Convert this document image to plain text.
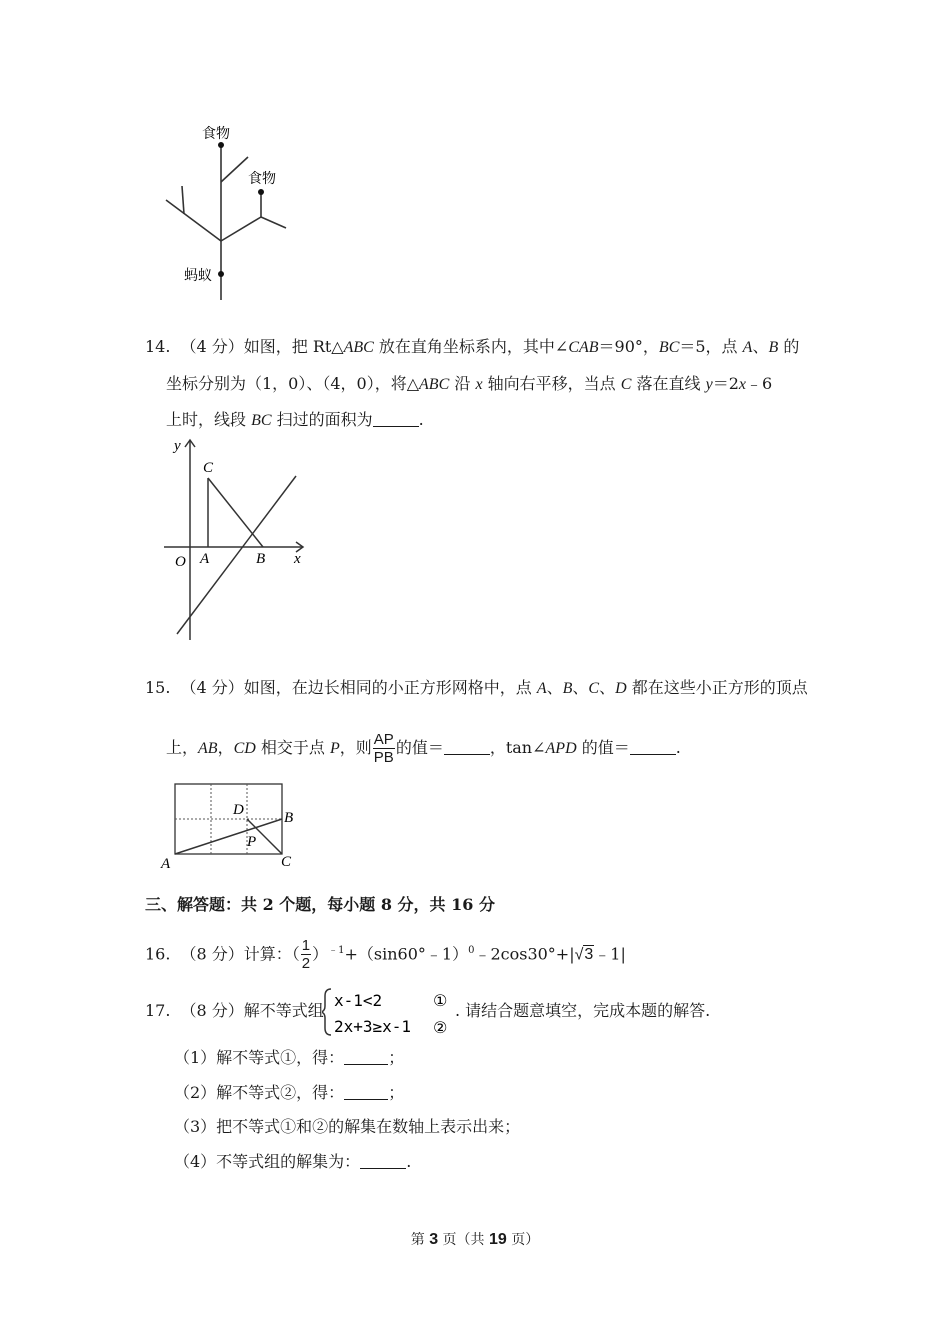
食物
食物
蚂蚁
14. （4 分）如图，把 Rt△ABC 放在直角坐标系内，其中∠CAB＝90°，BC＝5，点 A、B 的
坐标分别为（1，0）、（4，0），将△ABC 沿 x 轴向右平移，当点 C 落在直线 y＝2x﹣6
上时，线段 BC 扫过的面积为	.
y
x
O A	B
C
15. （4 分）如图，在边长相同的小正方形网格中，点 A、B、C、D 都在这些小正方形的顶点
上，AB，CD 相交于点 P，则 $\frac{AP}{PB}$ 的值＝	，tan∠APD 的值＝	.
A
B
C
D
P
三、解答题：共 2 个题，每小题 8 分，共 16 分
16. （8 分）计算：（ $\frac{1}{2}$ ）$^{﹣1}$+（sin60°﹣1）$^0$﹣2cos30°+|√3﹣1|
17. （8 分）解不等式组
x-1<2
2x+3≥x-1
①
②
. 请结合题意填空，完成本题的解答.
（1）解不等式①，得：	；
（2）解不等式②，得：	；
（3）把不等式①和②的解集在数轴上表示出来；
（4）不等式组的解集为：	.
第 3 页（共 19 页）
